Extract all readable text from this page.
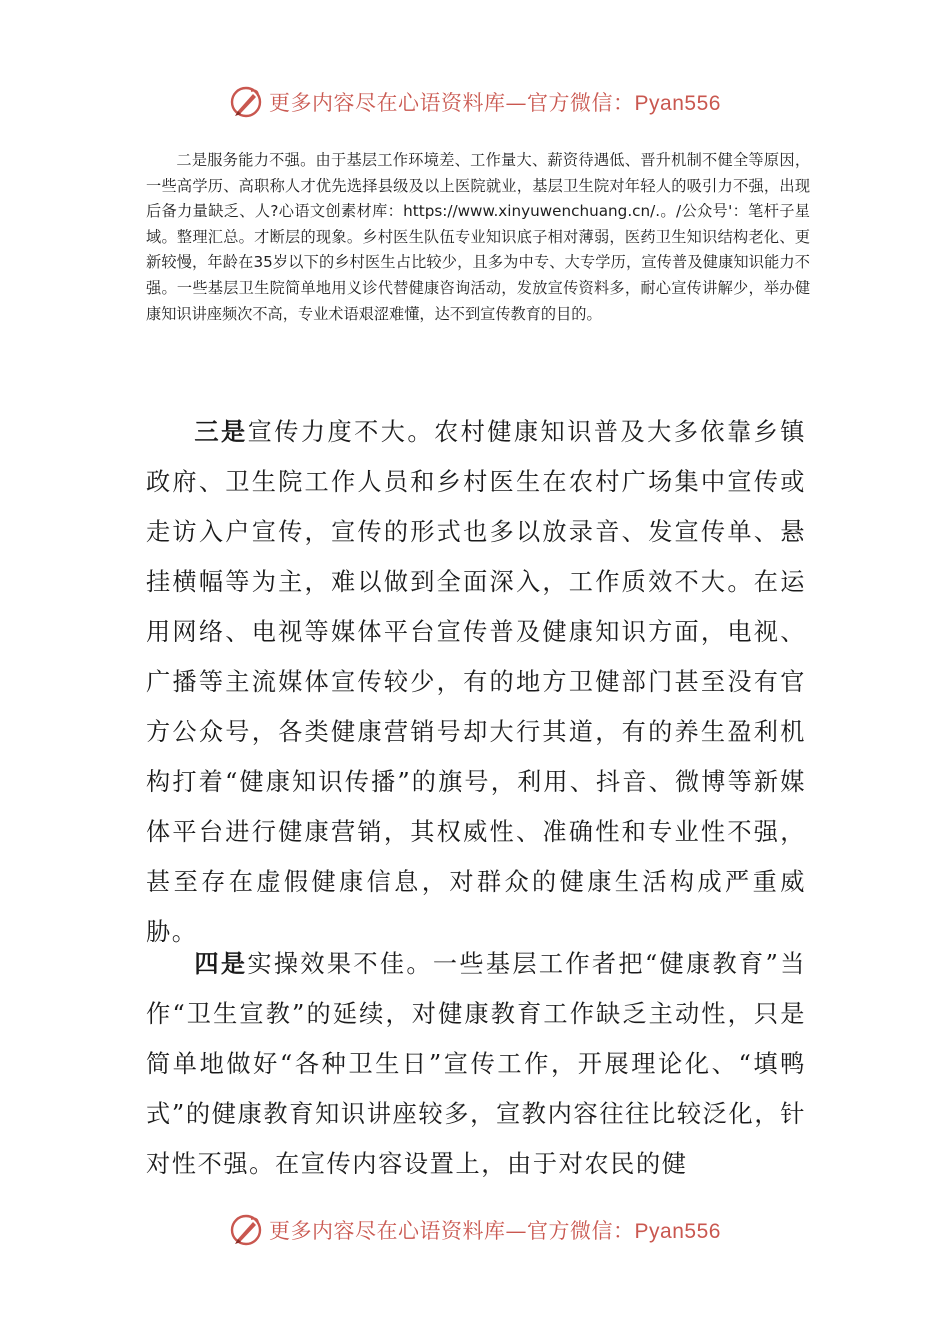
更多内容尽在心语资料库—官方微信：Pyan556

二是服务能力不强。由于基层工作环境差、工作量大、薪资待遇低、晋升机制不健全等原因，一些高学历、高职称人才优先选择县级及以上医院就业，基层卫生院对年轻人的吸引力不强，出现后备力量缺乏、人?心语文创素材库：https://www.xinyuwenchuang.cn/.。/公众号'：笔杆子星域。整理汇总。才断层的现象。乡村医生队伍专业知识底子相对薄弱，医药卫生知识结构老化、更新较慢，年龄在35岁以下的乡村医生占比较少，且多为中专、大专学历，宣传普及健康知识能力不强。一些基层卫生院简单地用义诊代替健康咨询活动，发放宣传资料多，耐心宣传讲解少，举办健康知识讲座频次不高，专业术语艰涩难懂，达不到宣传教育的目的。

三是宣传力度不大。农村健康知识普及大多依靠乡镇政府、卫生院工作人员和乡村医生在农村广场集中宣传或走访入户宣传，宣传的形式也多以放录音、发宣传单、悬挂横幅等为主，难以做到全面深入，工作质效不大。在运用网络、电视等媒体平台宣传普及健康知识方面，电视、广播等主流媒体宣传较少，有的地方卫健部门甚至没有官方公众号，各类健康营销号却大行其道，有的养生盈利机构打着“健康知识传播”的旗号，利用、抖音、微博等新媒体平台进行健康营销，其权威性、准确性和专业性不强，甚至存在虚假健康信息，对群众的健康生活构成严重威胁。

四是实操效果不佳。一些基层工作者把“健康教育”当作“卫生宣教”的延续，对健康教育工作缺乏主动性，只是简单地做好“各种卫生日”宣传工作，开展理论化、“填鸭式”的健康教育知识讲座较多，宣教内容往往比较泛化，针对性不强。在宣传内容设置上，由于对农民的健

更多内容尽在心语资料库—官方微信：Pyan556
